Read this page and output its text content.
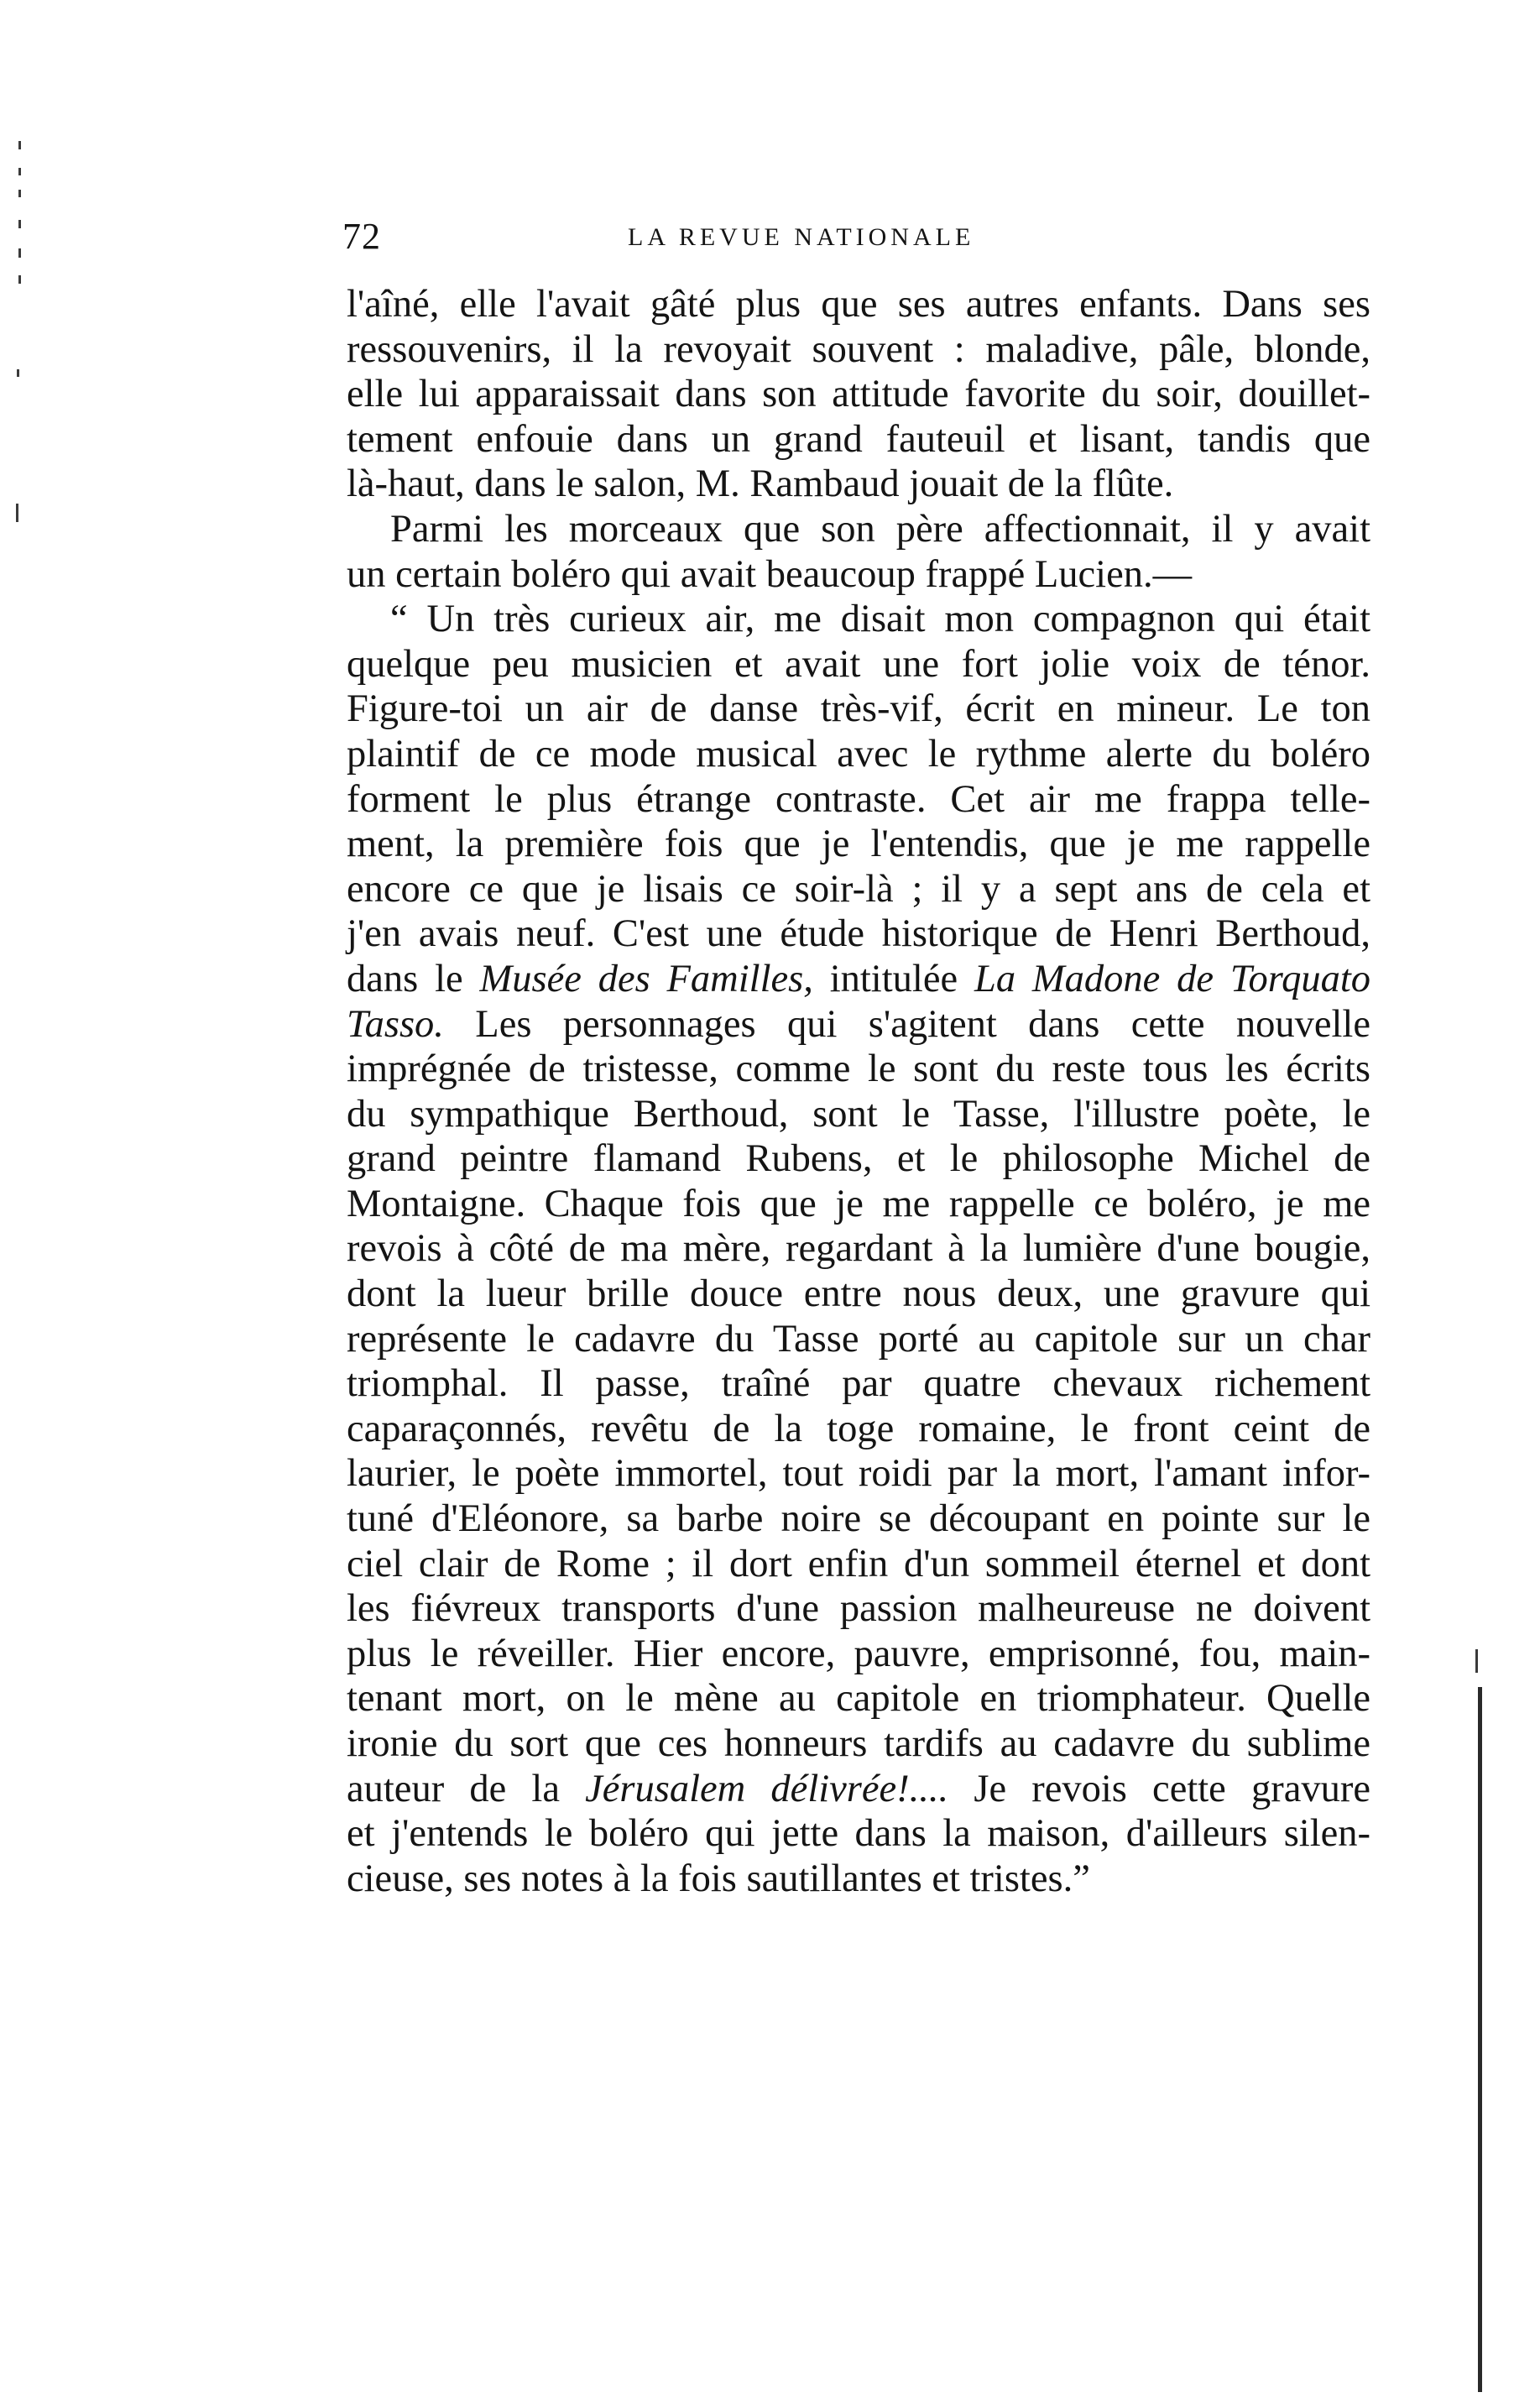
72	LA REVUE NATIONALE
l'aîné, elle l'avait gâté plus que ses autres enfants. Dans ses
ressouvenirs, il la revoyait souvent : maladive, pâle, blonde,
elle lui apparaissait dans son attitude favorite du soir, douillet-
tement enfouie dans un grand fauteuil et lisant, tandis que
là-haut, dans le salon, M. Rambaud jouait de la flûte.
Parmi les morceaux que son père affectionnait, il y avait
un certain boléro qui avait beaucoup frappé Lucien.—
“ Un très curieux air, me disait mon compagnon qui était
quelque peu musicien et avait une fort jolie voix de ténor.
Figure-toi un air de danse très-vif, écrit en mineur. Le ton
plaintif de ce mode musical avec le rythme alerte du boléro
forment le plus étrange contraste. Cet air me frappa telle-
ment, la première fois que je l'entendis, que je me rappelle
encore ce que je lisais ce soir-là ; il y a sept ans de cela et
j'en avais neuf. C'est une étude historique de Henri Berthoud,
dans le Musée des Familles, intitulée La Madone de Torquato
Tasso. Les personnages qui s'agitent dans cette nouvelle
imprégnée de tristesse, comme le sont du reste tous les écrits
du sympathique Berthoud, sont le Tasse, l'illustre poète, le
grand peintre flamand Rubens, et le philosophe Michel de
Montaigne. Chaque fois que je me rappelle ce boléro, je me
revois à côté de ma mère, regardant à la lumière d'une bougie,
dont la lueur brille douce entre nous deux, une gravure qui
représente le cadavre du Tasse porté au capitole sur un char
triomphal. Il passe, traîné par quatre chevaux richement
caparaçonnés, revêtu de la toge romaine, le front ceint de
laurier, le poète immortel, tout roidi par la mort, l'amant infor-
tuné d'Eléonore, sa barbe noire se découpant en pointe sur le
ciel clair de Rome ; il dort enfin d'un sommeil éternel et dont
les fiévreux transports d'une passion malheureuse ne doivent
plus le réveiller. Hier encore, pauvre, emprisonné, fou, main-
tenant mort, on le mène au capitole en triomphateur. Quelle
ironie du sort que ces honneurs tardifs au cadavre du sublime
auteur de la Jérusalem délivrée!.... Je revois cette gravure
et j'entends le boléro qui jette dans la maison, d'ailleurs silen-
cieuse, ses notes à la fois sautillantes et tristes.”
